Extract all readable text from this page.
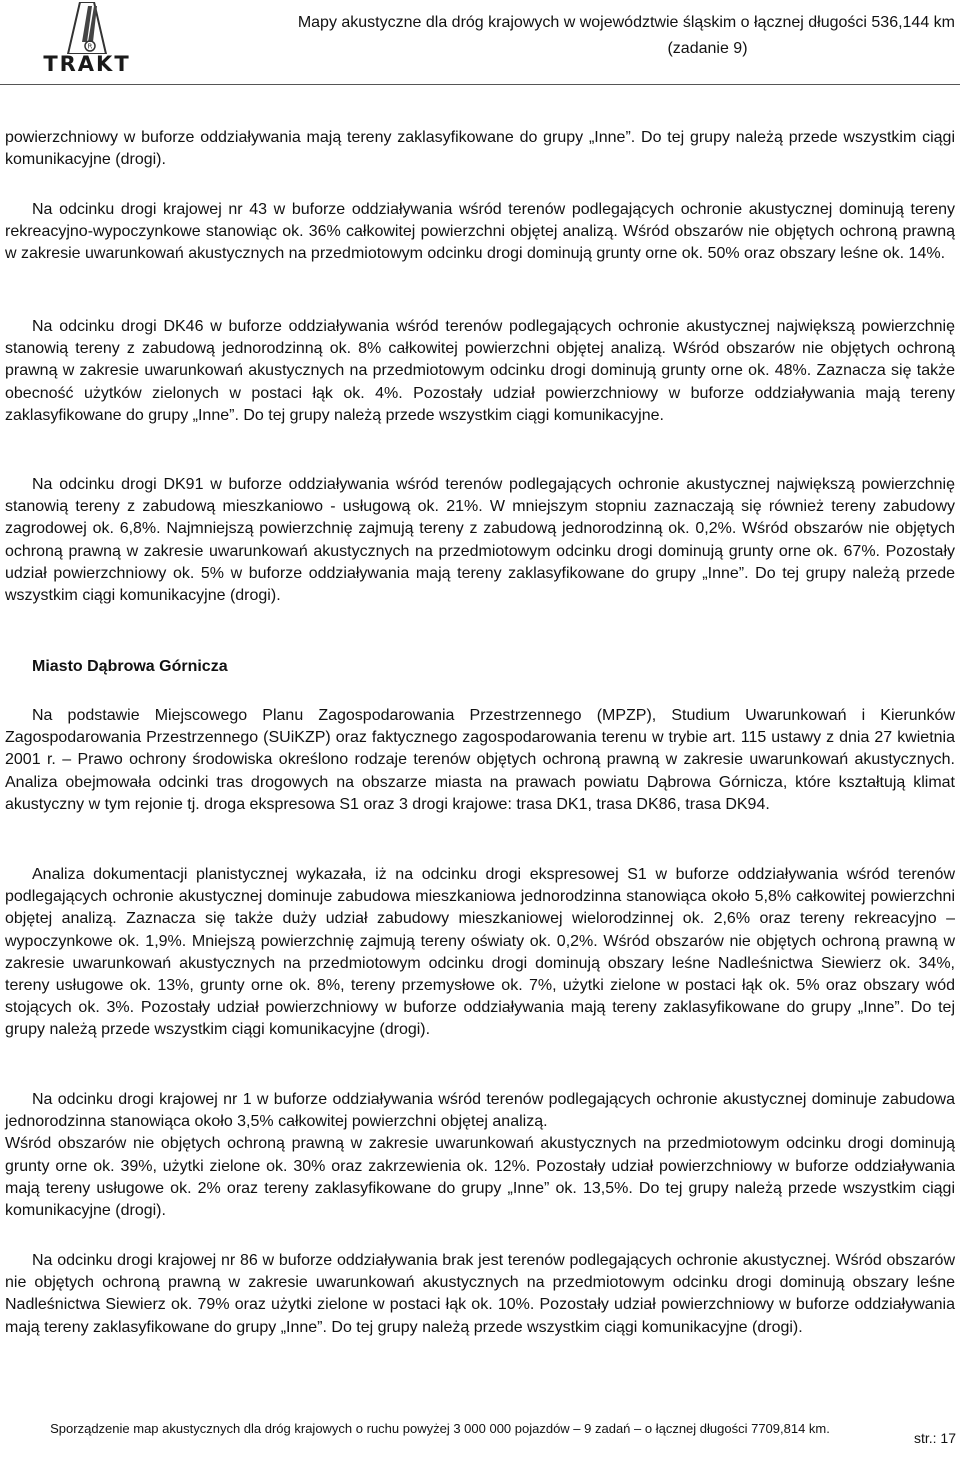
R
TRAKT
Mapy akustyczne dla dróg krajowych w województwie śląskim o łącznej długości 536,144 km
(zadanie 9)

powierzchniowy w buforze oddziaływania mają tereny zaklasyfikowane do grupy „Inne”. Do tej grupy należą przede wszystkim ciągi komunikacyjne (drogi).

Na odcinku drogi krajowej nr 43 w buforze oddziaływania wśród terenów podlegających ochronie akustycznej dominują tereny rekreacyjno-wypoczynkowe stanowiąc ok. 36% całkowitej powierzchni objętej analizą. Wśród obszarów nie objętych ochroną prawną w zakresie uwarunkowań akustycznych na przedmiotowym odcinku drogi dominują grunty orne ok. 50% oraz obszary leśne ok. 14%.

Na odcinku drogi DK46 w buforze oddziaływania wśród terenów podlegających ochronie akustycznej największą powierzchnię stanowią tereny z zabudową jednorodzinną ok. 8% całkowitej powierzchni objętej analizą. Wśród obszarów nie objętych ochroną prawną w zakresie uwarunkowań akustycznych na przedmiotowym odcinku drogi dominują grunty orne ok. 48%. Zaznacza się także obecność użytków zielonych w postaci łąk ok. 4%. Pozostały udział powierzchniowy w buforze oddziaływania mają tereny zaklasyfikowane do grupy „Inne”. Do tej grupy należą przede wszystkim ciągi komunikacyjne.

Na odcinku drogi DK91 w buforze oddziaływania wśród terenów podlegających ochronie akustycznej największą powierzchnię stanowią tereny z zabudową mieszkaniowo - usługową ok. 21%. W mniejszym stopniu zaznaczają się również tereny zabudowy zagrodowej ok. 6,8%. Najmniejszą powierzchnię zajmują tereny z zabudową jednorodzinną ok. 0,2%. Wśród obszarów nie objętych ochroną prawną w zakresie uwarunkowań akustycznych na przedmiotowym odcinku drogi dominują grunty orne ok. 67%. Pozostały udział powierzchniowy ok. 5% w buforze oddziaływania mają tereny zaklasyfikowane do grupy „Inne”. Do tej grupy należą przede wszystkim ciągi komunikacyjne (drogi).

Miasto Dąbrowa Górnicza

Na podstawie Miejscowego Planu Zagospodarowania Przestrzennego (MPZP), Studium Uwarunkowań i Kierunków Zagospodarowania Przestrzennego (SUiKZP) oraz faktycznego zagospodarowania terenu w trybie art. 115 ustawy z dnia 27 kwietnia 2001 r. – Prawo ochrony środowiska określono rodzaje terenów objętych ochroną prawną w zakresie uwarunkowań akustycznych. Analiza obejmowała odcinki tras drogowych na obszarze miasta na prawach powiatu Dąbrowa Górnicza, które kształtują klimat akustyczny w tym rejonie tj. droga ekspresowa S1 oraz 3 drogi krajowe: trasa DK1, trasa DK86, trasa DK94.

Analiza dokumentacji planistycznej wykazała, iż na odcinku drogi ekspresowej S1 w buforze oddziaływania wśród terenów podlegających ochronie akustycznej dominuje zabudowa mieszkaniowa jednorodzinna stanowiąca około 5,8% całkowitej powierzchni objętej analizą. Zaznacza się także duży udział zabudowy mieszkaniowej wielorodzinnej ok. 2,6% oraz tereny rekreacyjno – wypoczynkowe ok. 1,9%. Mniejszą powierzchnię zajmują tereny oświaty ok. 0,2%. Wśród obszarów nie objętych ochroną prawną w zakresie uwarunkowań akustycznych na przedmiotowym odcinku drogi dominują obszary leśne Nadleśnictwa Siewierz ok. 34%, tereny usługowe ok. 13%, grunty orne ok. 8%, tereny przemysłowe ok. 7%, użytki zielone w postaci łąk ok. 5% oraz obszary wód stojących ok. 3%. Pozostały udział powierzchniowy w buforze oddziaływania mają tereny zaklasyfikowane do grupy „Inne”. Do tej grupy należą przede wszystkim ciągi komunikacyjne (drogi).

Na odcinku drogi krajowej nr 1 w buforze oddziaływania wśród terenów podlegających ochronie akustycznej dominuje zabudowa jednorodzinna stanowiąca około 3,5% całkowitej powierzchni objętej analizą.

Wśród obszarów nie objętych ochroną prawną w zakresie uwarunkowań akustycznych na przedmiotowym odcinku drogi dominują grunty orne ok. 39%, użytki zielone ok. 30% oraz zakrzewienia ok. 12%. Pozostały udział powierzchniowy w buforze oddziaływania mają tereny usługowe ok. 2% oraz tereny zaklasyfikowane do grupy „Inne” ok. 13,5%. Do tej grupy należą przede wszystkim ciągi komunikacyjne (drogi).

Na odcinku drogi krajowej nr 86 w buforze oddziaływania brak jest terenów podlegających ochronie akustycznej. Wśród obszarów nie objętych ochroną prawną w zakresie uwarunkowań akustycznych na przedmiotowym odcinku drogi dominują obszary leśne Nadleśnictwa Siewierz ok. 79% oraz użytki zielone w postaci łąk ok. 10%. Pozostały udział powierzchniowy w buforze oddziaływania mają tereny zaklasyfikowane do grupy „Inne”. Do tej grupy należą przede wszystkim ciągi komunikacyjne (drogi).

Sporządzenie map akustycznych dla dróg krajowych o ruchu powyżej 3 000 000 pojazdów – 9 zadań – o łącznej długości 7709,814 km.
str.: 17
